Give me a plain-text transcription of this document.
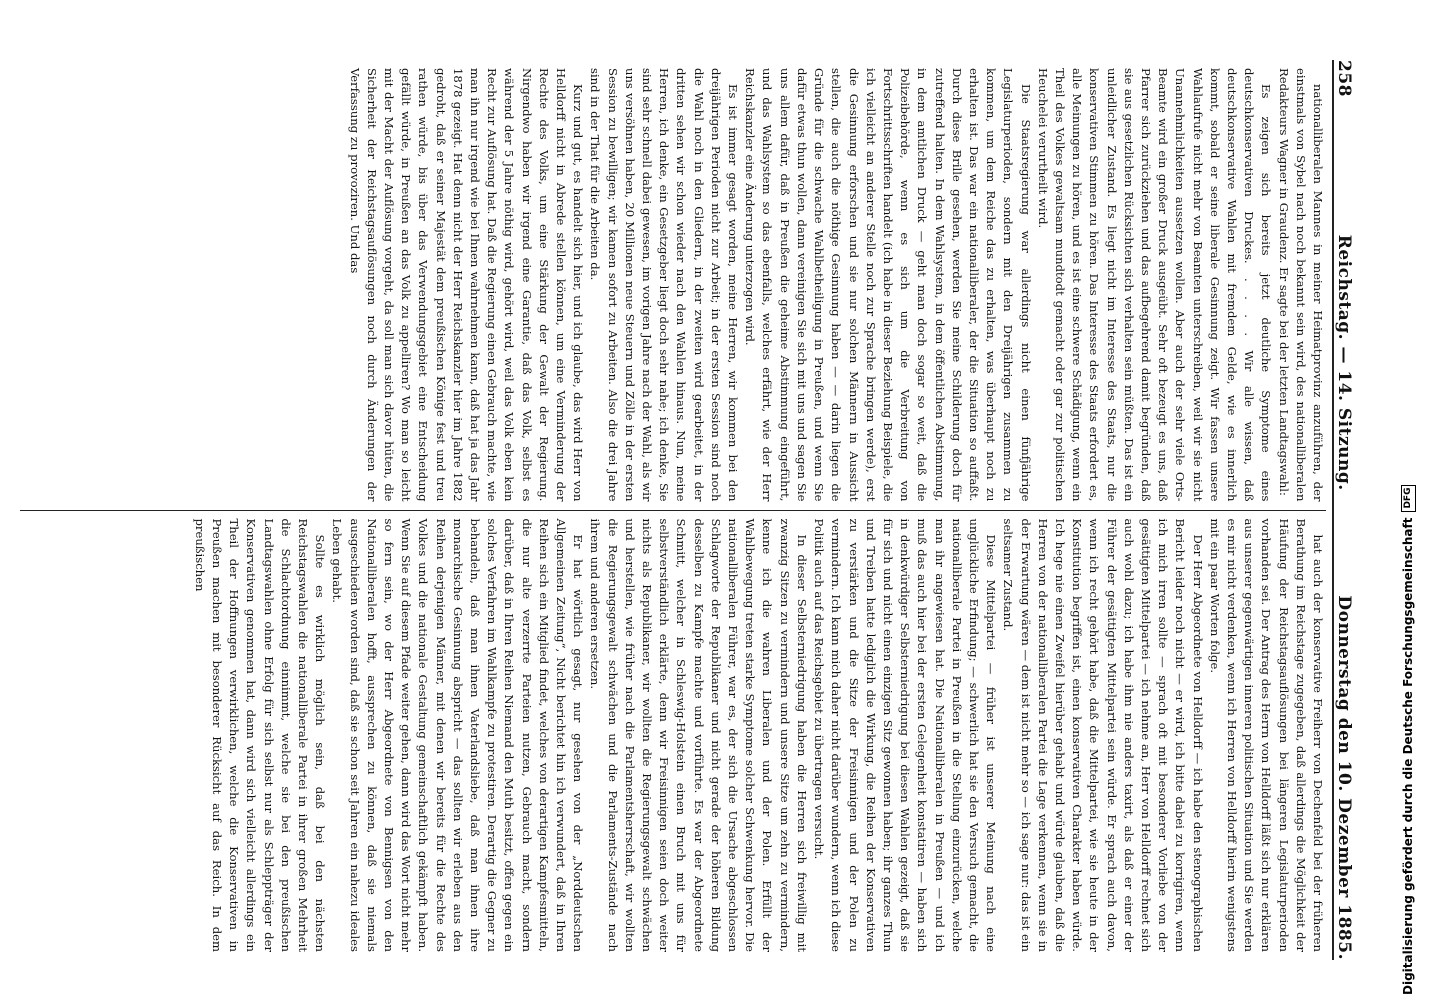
258
Reichstag. — 14. Sitzung.
Donnerstag den 10. Dezember 1885.

nationalliberalen Mannes in meiner Heimatprovinz anzuführen, der einstmals von Sybel nach noch bekannt sein wird, des nationalliberalen Redakteurs Wagner in Graudenz. Er sagte bei der letzten Landtagswahl:

Es zeigen sich bereits jetzt deutliche Symptome eines deutschkonservativen Druckes. . . . . Wir alle wissen, daß deutschkonservative Wahlen mit fremdem Gelde, wie es innerlich kommt, sobald er seine liberale Gesinnung zeigt. Wir fassen unsere Wahlaufrufe nicht mehr von Beamten unterschreiben, weil wir sie nicht Unannehmlichkeiten aussetzen wollen. Aber auch der sehr viele Orts-Beamte wird ein großer Druck ausgeübt. Sehr oft bezeugt es uns, daß Pfarrer sich zurückziehen und das aufbegehrend damit begründen, daß sie aus gesetzlichen Rücksichten sich verhalten sein müßten. Das ist ein unleidlicher Zustand. Es liegt nicht im Interesse des Staats, nur die konservativen Stimmen zu hören. Das Interesse des Staats erfordert es, alle Meinungen zu hören, und es ist eine schwere Schädigung, wenn ein Theil des Volkes gewaltsam mundtodt gemacht oder gar zur politischen Heuchelei verurtheilt wird.

Die Staatsregierung war allerdings nicht einen fünfjährige Legislaturperioden, sondern mit den Dreijährigen zusammen zu kommen, um dem Reiche das zu erhalten, was überhaupt noch zu erhalten ist. Das war ein nationalliberaler, der die Situation so auffaßt. Durch diese Brille gesehen, werden Sie meine Schilderung doch für zutreffend halten. In dem Wahlsystem, in dem öffentlichen Abstimmung, in dem amtlichen Druck — geht man doch sogar so weit, daß die Polizeibehörde, wenn es sich um die Verbreitung von Fortschrittsschriften handelt (ich habe in dieser Beziehung Beispiele, die ich vielleicht an anderer Stelle noch zur Sprache bringen werde), erst die Gesinnung erforschen und sie nur solchen Männern in Aussicht stellen, die auch die nöthige Gesinnung haben — — darin liegen die Gründe für die schwache Wahlbetheiligung in Preußen, und wenn Sie dafür etwas thun wollen, dann vereinigen Sie sich mit uns und sagen Sie uns allem dafür, daß in Preußen die geheime Abstimmung eingeführt, und das Wahlsystem so das ebenfalls, welches erfährt, wie der Herr Reichskanzler eine Änderung unterzogen wird.

Es ist immer gesagt worden, meine Herren, wir kommen bei den dreijährigen Perioden nicht zur Arbeit; in der ersten Session sind noch die Wahl noch in den Gliedern, in der zweiten wird gearbeitet, in der dritten sehen wir schon wieder nach den Wahlen hinaus. Nun, meine Herren, ich denke, ein Gesetzgeber liegt doch sehr nahe; ich denke, Sie sind sehr schnell dabei gewesen, im vorigen Jahre nach der Wahl, als wir uns versöhnen haben, 20 Millionen neue Steuern und Zölle in der ersten Session zu bewilligen; wir kamen sofort zu Arbeiten. Also die drei Jahre sind in der That für die Arbeiten da.

Kurz und gut, es handelt sich hier, und ich glaube, das wird Herr von Helldorff nicht in Abrede stellen können, um eine Verminderung der Rechte des Volks, um eine Stärkung der Gewalt der Regierung. Nirgendwo haben wir irgend eine Garantie, daß das Volk, selbst es während der 5 Jahre nöthig wird, gehört wird, weil das Volk eben kein Recht zur Auflösung hat. Daß die Regierung einen Gebrauch machte, wie man ihn nur irgend wie bei Ihnen wahrnehmen kann, daß hat ja das Jahr 1878 gezeigt. Hat denn nicht der Herr Reichskanzler hier im Jahre 1882 gedroht, daß er seiner Majestät dem preußischen Könige fest und treu rathen würde, bis über das Verwendungsgebiet eine Entscheidung gefällt würde, in Preußen an das Volk zu appelliren? Wo man so leicht mit der Macht der Auflösung vorgeht, da soll man sich davor hüten, die Sicherheit der Reichstagsauflösungen noch durch Änderungen der Verfassung zu provoziren. Und das

hat auch der konservative Freiherr von Dechenfeld bei der früheren Berathung im Reichstage zugegeben, daß allerdings die Möglichkeit der Häufung der Reichstagsauflösungen bei längeren Legislaturperioden vorhanden sei. Der Antrag des Herrn von Helldorff läßt sich nur erklären aus unserer gegenwärtigen inneren politischen Situation und Sie werden es mir nicht verdenken, wenn ich Herren von Helldorff hierin wenigstens mit ein paar Worten folge.

Der Herr Abgeordnete von Helldorff — ich habe den stenographischen Bericht leider noch nicht — er wird, ich bitte dabei zu korrigiren, wenn ich mich irren sollte — sprach oft mit besonderer Vorliebe von der gesättigten Mittelpartei — ich nehme an, Herr von Helldorff rechnet sich auch wohl dazu; ich habe ihm nie anders taxirt, als daß er einer der Führer der gesättigten Mittelpartei sein würde. Er sprach auch davon, wenn ich recht gehört habe, daß die Mittelpartei, wie sie heute in der Konstitution begriffen ist, einen konservativen Charakter haben würde. Ich hege nie einen Zweifel hierüber gehabt und würde glauben, daß die Herren von der nationalliberalen Partei die Lage verkennen, wenn sie in der Erwartung wären — dem ist nicht mehr so — ich sage nur: das ist ein seltsamer Zustand.

Diese Mittelpartei — früher ist unserer Meinung nach eine unglückliche Erfindung; — schwerlich hat sie den Versuch gemacht, die nationalliberale Partei in Preußen in die Stellung einzurücken, welche man ihr angewiesen hat. Die Nationalliberalen in Preußen — und ich muß das auch hier bei der ersten Gelegenheit konstatiren — haben sich in denkwürdiger Selbsterniedrigung bei diesen Wahlen gezeigt, daß sie für sich und nicht einen einzigen Sitz gewonnen haben; ihr ganzes Thun und Treiben hatte lediglich die Wirkung, die Reihen der Konservativen zu verstärken und die Sitze der Freisinnigen und der Polen zu vermindern. Ich kann mich daher nicht darüber wundern, wenn ich diese Politik auch auf das Reichsgebiet zu übertragen versucht.

In dieser Selbsterniedrigung haben die Herren sich freiwillig mit zwanzig Sitzen zu vermindern und unsere Sitze um zehn zu vermindern, kenne ich die wahren Liberalen und der Polen. Erfüllt der Wahlbewegung treten starke Symptome solcher Schwenkung hervor. Die nationalliberalen Führer, war es, der sich die Ursache abgeschlossen Schlagworte der Republikaner und nicht gerade der höheren Bildung desselben zu Kampfe machte und vorführte. Es war der Abgeordnete Schmitt, welcher in Schleswig-Holstein einen Bruch mit uns für selbstverständlich erklärte, denn wir Freisinnigen seien doch weiter nichts als Republikaner, wir wollten die Regierungsgewalt schwächen und herstellen, wie früher nach die Parlamentsherrschaft, wir wollten die Regierungsgewalt schwächen und die Parlaments-Zustände nach ihrem und anderen ersetzen.

Er hat wörtlich gesagt, nur gesehen von der „Norddeutschen Allgemeinen Zeitung“, Nicht berichtet hin ich verwundert, daß in Ihren Reihen sich ein Mitglied findet, welches von derartigen Kampfesmitteln, die nur alte verzerrte Parteien nutzen, Gebrauch macht, sondern darüber, daß in Ihren Reihen Niemand den Muth besitzt, offen gegen ein solches Verfahren im Wahlkampfe zu protestiren. Derartig die Gegner zu behandeln, daß man ihnen Vaterlandsliebe, daß man ihnen ihre monarchische Gesinnung abspricht — das sollten wir erleben aus den Reihen derjenigen Männer, mit denen wir bereits für die Rechte des Volkes und die nationale Gestaltung gemeinschaftlich gekämpft haben. Wenn Sie auf diesem Pfade weiter gehen, dann wird das Wort nicht mehr so fern sein, wo der Herr Abgeordnete von Bennigsen von den Nationalliberalen hofft, aussprechen zu können, daß sie niemals ausgeschieden worden sind, daß sie schon seit Jahren ein nahezu ideales Leben gehabt.

Sollte es wirklich möglich sein, daß bei den nächsten Reichstagswahlen die nationalliberale Partei in ihrer großen Mehrheit die Schlachtordnung einnimmt, welche sie bei den preußischen Landtagswahlen ohne Erfolg für sich selbst nur als Schleppträger der Konservativen genommen hat, dann wird sich vielleicht allerdings ein Theil der Hoffnungen verwirklichen, welche die Konservativen in Preußen machen mit besonderer Rücksicht auf das Reich. In dem preußischen	Digitalisierung gefördert durch die Deutsche Forschungsgemeinschaft
DFG
